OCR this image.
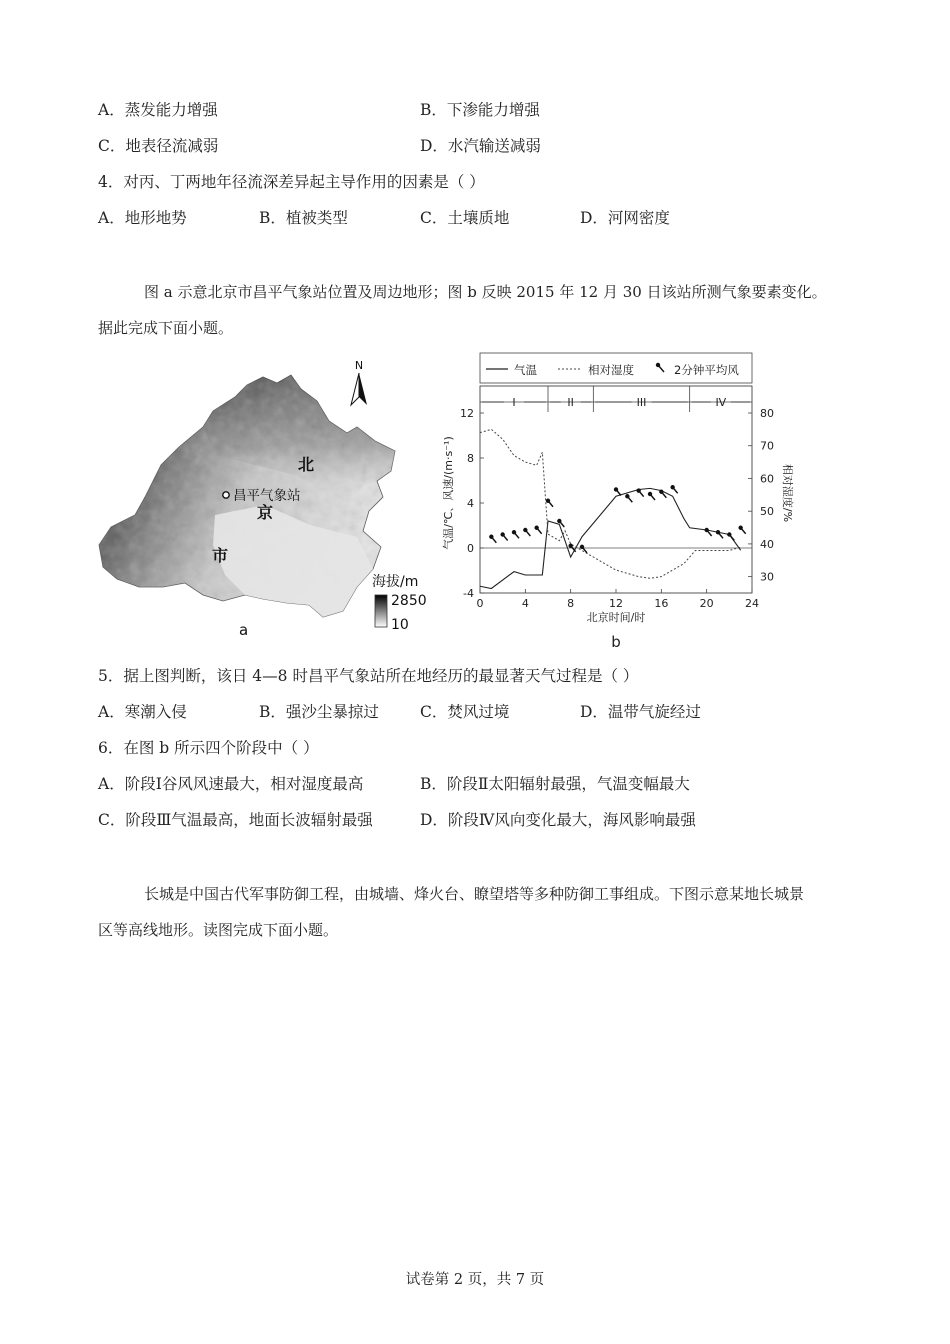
A．蒸发能力增强	B．下渗能力增强
C．地表径流减弱	D．水汽输送减弱
4．对丙、丁两地年径流深差异起主导作用的因素是（ ）
A．地形地势	B．植被类型	C．土壤质地	D．河网密度

图 a 示意北京市昌平气象站位置及周边地形；图 b 反映 2015 年 12 月 30 日该站所测气象要素变化。

据此完成下面小题。

北
京
市
昌平气象站
N
海拔/m
2850
10
a
气温	相对湿度	2分钟平均风
I	II	III	IV
0	4	8	12	16	20	24
-4
0
4
8
12
30
40
50
60
70
80
北京时间/时
气温/℃、风速/(m·s⁻¹)	相对湿度/%
b
5．据上图判断，该日 4—8 时昌平气象站所在地经历的最显著天气过程是（ ）
A．寒潮入侵	B．强沙尘暴掠过	C．焚风过境	D．温带气旋经过
6．在图 b 所示四个阶段中（ ）
A．阶段Ⅰ谷风风速最大，相对湿度最高	B．阶段Ⅱ太阳辐射最强，气温变幅最大
C．阶段Ⅲ气温最高，地面长波辐射最强	D．阶段Ⅳ风向变化最大，海风影响最强

长城是中国古代军事防御工程，由城墙、烽火台、瞭望塔等多种防御工事组成。下图示意某地长城景

区等高线地形。读图完成下面小题。

试卷第 2 页，共 7 页
